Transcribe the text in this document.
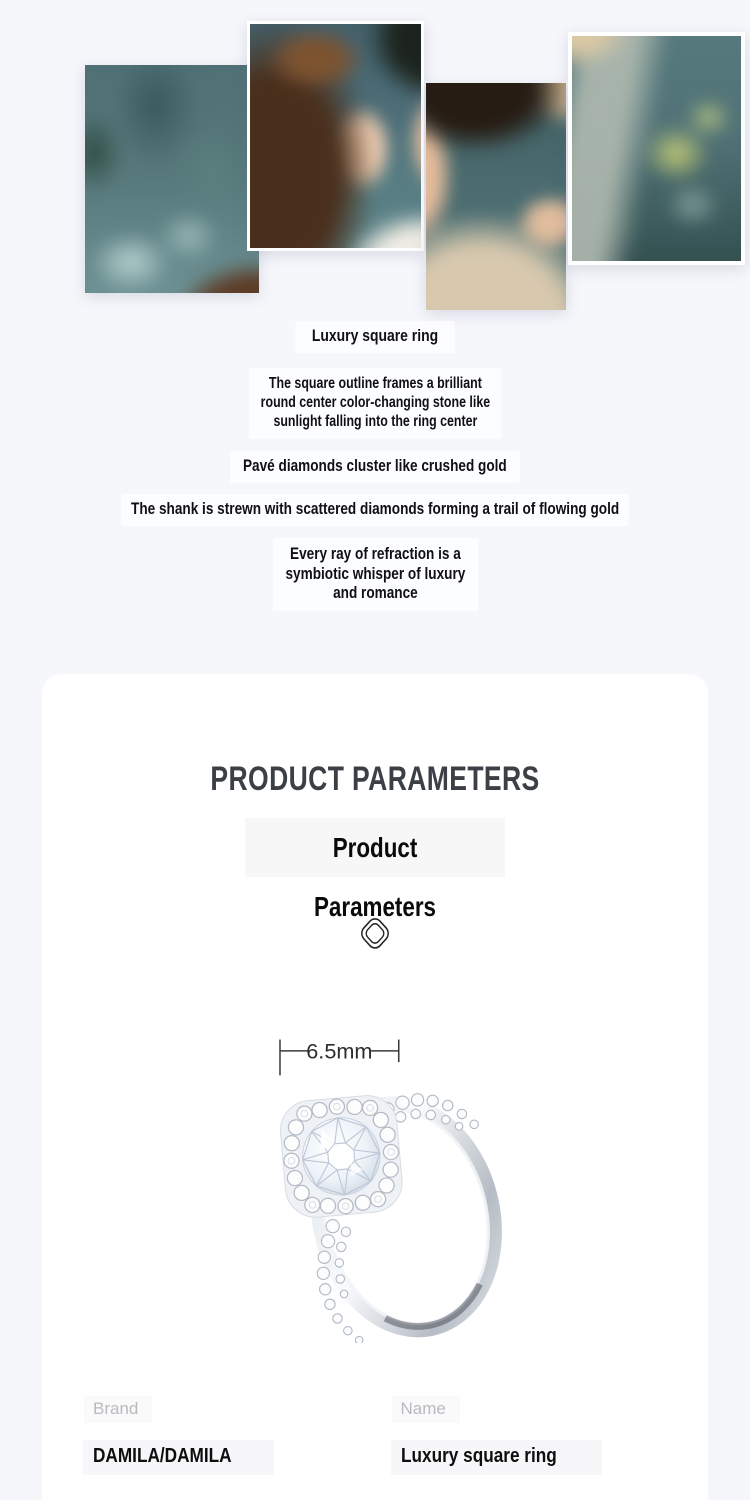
Luxury square ring
The square outline frames a brilliant
round center color-changing stone like
sunlight falling into the ring center
Pavé diamonds cluster like crushed gold
The shank is strewn with scattered diamonds forming a trail of flowing gold
Every ray of refraction is a
symbiotic whisper of luxury
and romance
PRODUCT PARAMETERS
Product Parameters
6.5mm
Brand
DAMILA/DAMILA
Name
Luxury square ring
